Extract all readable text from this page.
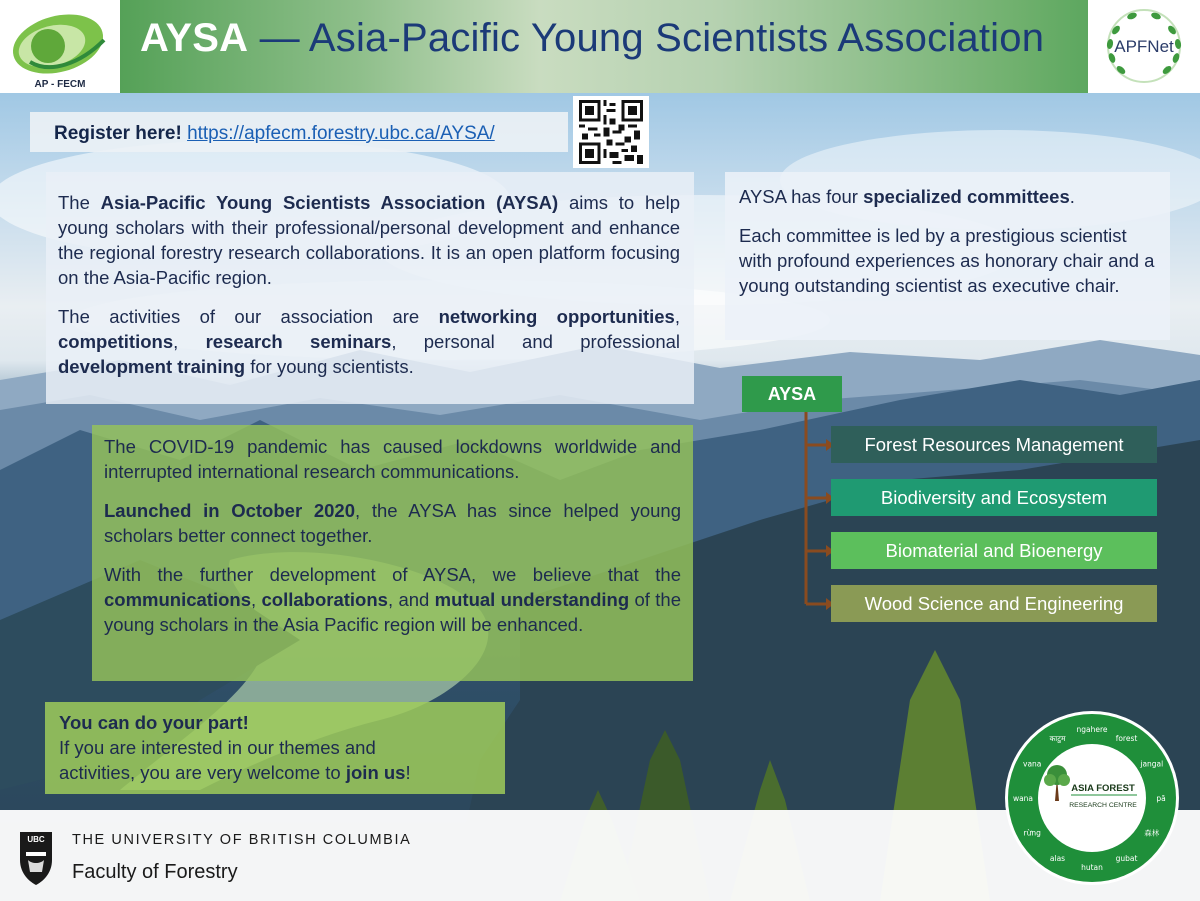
AP - FECM
AYSA — Asia-Pacific Young Scientists Association	APFNet
Register here! https://apfecm.forestry.ubc.ca/AYSA/

The Asia-Pacific Young Scientists Association (AYSA) aims to help young scholars with their professional/personal development and enhance the regional forestry research collaborations. It is an open platform focusing on the Asia-Pacific region.

The activities of our association are networking opportunities, competitions, research seminars, personal and professional development training for young scientists.

AYSA has four specialized committees.

Each committee is led by a prestigious scientist with profound experiences as honorary chair and a young outstanding scientist as executive chair.

AYSA
Forest Resources Management
Biodiversity and Ecosystem
Biomaterial and Bioenergy
Wood Science and Engineering

The COVID-19 pandemic has caused lockdowns worldwide and interrupted international research communications.

Launched in October 2020, the AYSA has since helped young scholars better connect together.

With the further development of AYSA, we believe that the communications, collaborations, and mutual understanding of the young scholars in the Asia Pacific region will be enhanced.

You can do your part!
If you are interested in our themes and activities, you are very welcome to join us!
UBC THE UNIVERSITY OF BRITISH COLUMBIA
Faculty of Forestry
ngahere
forest
jangal
pā
森林
gubat
hutan
alas
rừng
wana
vana
काटुम
ASIA FOREST
RESEARCH CENTRE
